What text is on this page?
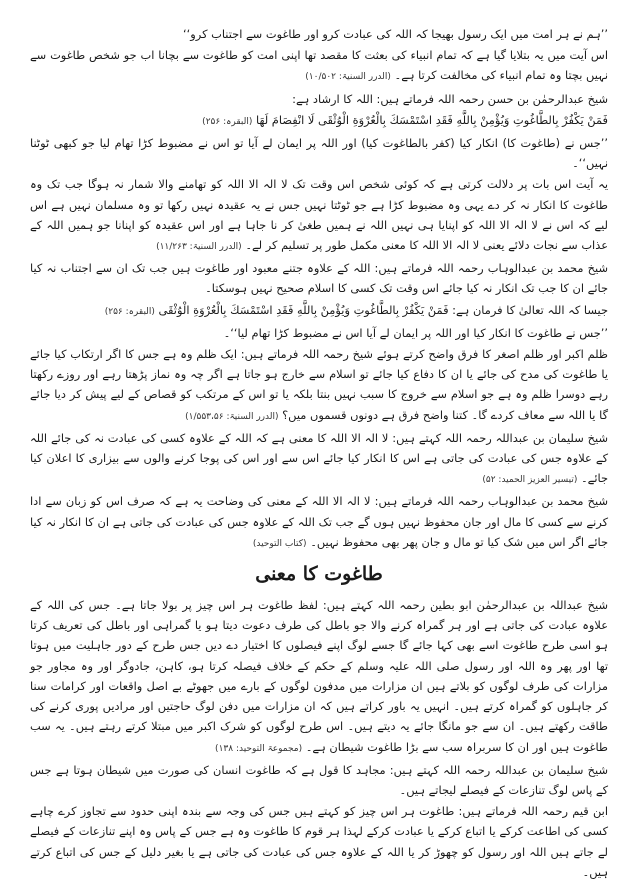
’’ہم نے ہر امت میں ایک رسول بھیجا کہ اللہ کی عبادت کرو اور طاغوت سے اجتناب کرو‘‘

اس آیت میں یہ بتلایا گیا ہے کہ تمام انبیاء کی بعثت کا مقصد تھا اپنی امت کو طاغوت سے بچانا اب جو شخص طاغوت سے نہیں بچتا وہ تمام انبیاء کی مخالفت کرتا ہے۔ (الدرر السنیۃ: ۱۰/۵۰۲)

شیخ عبدالرحمٰن بن حسن رحمہ اللہ فرماتے ہیں: اللہ کا ارشاد ہے:

فَمَنْ يَكْفُرْ بِالطَّاغُوتِ وَيُؤْمِنْ بِاللَّهِ فَقَدِ اسْتَمْسَكَ بِالْعُرْوَةِ الْوُثْقَى لَا انْفِصَامَ لَهَا (البقرہ: ۲۵۶)

’’جس نے (طاغوت کا) انکار کیا (کفر بالطاغوت کیا) اور اللہ پر ایمان لے آیا تو اس نے مضبوط کڑا تھام لیا جو کبھی ٹوٹنا نہیں‘‘۔

یہ آیت اس بات پر دلالت کرتی ہے کہ کوئی شخص اس وقت تک لا الہ الا اللہ کو تھامنے والا شمار نہ ہوگا جب تک وہ طاغوت کا انکار نہ کر دے یہی وہ مضبوط کڑا ہے جو ٹوٹتا نہیں جس نے یہ عقیدہ نہیں رکھا تو وہ مسلمان نہیں ہے اس لیے کہ اس نے لا الہ الا اللہ کو اپنایا ہی نہیں اللہ نے ہمیں طغیٰ کر نا جاہا ہے اور اس عقیدہ کو اپنانا جو ہمیں اللہ کے عذاب سے نجات دلائے یعنی لا الہ الا اللہ کا معنی مکمل طور پر تسلیم کر لے۔ (الدرر السنیۃ: ۱۱/۲۶۳)

شیخ محمد بن عبدالوہاب رحمہ اللہ فرماتے ہیں: اللہ کے علاوہ جتنے معبود اور طاغوت ہیں جب تک ان سے اجتناب نہ کیا جائے ان کا جب تک انکار نہ کیا جائے اس وقت تک کسی کا اسلام صحیح نہیں ہوسکتا۔

جیسا کہ اللہ تعالیٰ کا فرمان ہے: فَمَنْ يَكْفُرْ بِالطَّاغُوتِ وَيُؤْمِنْ بِاللَّهِ فَقَدِ اسْتَمْسَكَ بِالْعُرْوَةِ الْوُثْقَى (البقرہ: ۲۵۶)

’’جس نے طاغوت کا انکار کیا اور اللہ پر ایمان لے آیا اس نے مضبوط کڑا تھام لیا‘‘۔

ظلم اکبر اور ظلم اصغر کا فرق واضح کرتے ہوئے شیخ رحمہ اللہ فرماتے ہیں: ایک ظلم وہ ہے جس کا اگر ارتکاب کیا جائے یا طاغوت کی مدح کی جائے یا ان کا دفاع کیا جائے تو اسلام سے خارج ہو جاتا ہے اگر چہ وہ نماز پڑھتا رہے اور روزے رکھتا رہے دوسرا ظلم وہ ہے جو اسلام سے خروج کا سبب نہیں بنتا بلکہ یا تو اس کے مرتکب کو قصاص کے لیے پیش کر دیا جائے گا یا اللہ سے معاف کردے گا۔ کتنا واضح فرق ہے دونوں قسموں میں؟ (الدرر السنیۃ: ۱/۵۵۳،۵۶)

شیخ سلیمان بن عبداللہ رحمہ اللہ کہتے ہیں: لا الہ الا اللہ کا معنی ہے کہ اللہ کے علاوہ کسی کی عبادت نہ کی جائے اللہ کے علاوہ جس کی عبادت کی جاتی ہے اس کا انکار کیا جائے اس سے اور اس کی پوجا کرنے والوں سے بیزاری کا اعلان کیا جائے۔ (تیسیر العزیز الحمید: ۵۲)

شیخ محمد بن عبدالوہاب رحمہ اللہ فرماتے ہیں: لا الہ الا اللہ کے معنی کی وضاحت یہ ہے کہ صرف اس کو زبان سے ادا کرنے سے کسی کا مال اور جان محفوظ نہیں ہوں گے جب تک اللہ کے علاوہ جس کی عبادت کی جاتی ہے ان کا انکار نہ کیا جائے اگر اس میں شک کیا تو مال و جان پھر بھی محفوظ نہیں۔ (کتاب التوحید)

طاغوت کا معنی

شیخ عبداللہ بن عبدالرحمٰن ابو بطین رحمہ اللہ کہتے ہیں: لفظ طاغوت ہر اس چیز پر بولا جاتا ہے۔ جس کی اللہ کے علاوہ عبادت کی جاتی ہے اور ہر گمراہ کرنے والا جو باطل کی طرف دعوت دیتا ہو یا گمراہی اور باطل کی تعریف کرتا ہو اسی طرح طاغوت اسے بھی کہا جائے گا جسے لوگ اپنے فیصلوں کا اختیار دے دیں جس طرح کے دور جاہلیت میں ہوتا تھا اور پھر وہ اللہ اور رسول صلی اللہ علیہ وسلم کے حکم کے خلاف فیصلہ کرتا ہو، کاہن، جادوگر اور وہ مجاور جو مزارات کی طرف لوگوں کو بلاتے ہیں ان مزارات میں مدفون لوگوں کے بارے میں جھوٹے بے اصل واقعات اور کرامات سنا کر جاہلوں کو گمراہ کرتے ہیں۔ انہیں یہ باور کراتے ہیں کہ ان مزارات میں دفن لوگ حاجتیں اور مرادیں پوری کرنے کی طاقت رکھتے ہیں۔ ان سے جو مانگا جائے یہ دیتے ہیں۔ اس طرح لوگوں کو شرک اکبر میں مبتلا کرتے رہتے ہیں۔ یہ سب طاغوت ہیں اور ان کا سربراہ سب سے بڑا طاغوت شیطان ہے۔ (مجموعۃ التوحید: ۱۳۸)

شیخ سلیمان بن عبداللہ رحمہ اللہ کہتے ہیں: مجاہد کا قول ہے کہ طاغوت انسان کی صورت میں شیطان ہوتا ہے جس کے پاس لوگ تنازعات کے فیصلے لیجاتے ہیں۔

ابن قیم رحمہ اللہ فرماتے ہیں: طاغوت ہر اس چیز کو کہتے ہیں جس کی وجہ سے بندہ اپنی حدود سے تجاوز کرے چاہے کسی کی اطاعت کرکے یا اتباع کرکے یا عبادت کرکے لہذا ہر قوم کا طاغوت وہ ہے جس کے پاس وہ اپنے تنازعات کے فیصلے لے جاتے ہیں اللہ اور رسول کو چھوڑ کر یا اللہ کے علاوہ جس کی عبادت کی جاتی ہے یا بغیر دلیل کے جس کی اتباع کرتے ہیں۔
